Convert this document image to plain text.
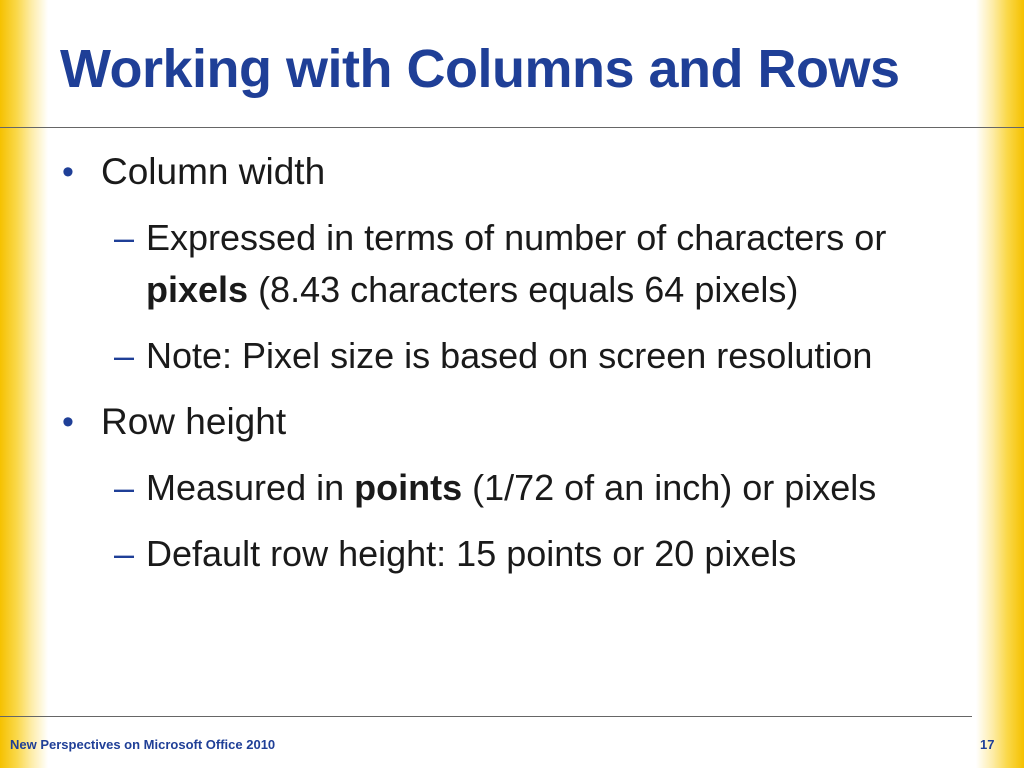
Working with Columns and Rows
• Column width
– Expressed in terms of number of characters or pixels (8.43 characters equals 64 pixels)
– Note: Pixel size is based on screen resolution
• Row height
– Measured in points (1/72 of an inch) or pixels
– Default row height: 15 points or 20 pixels
New Perspectives on Microsoft Office 2010	17
